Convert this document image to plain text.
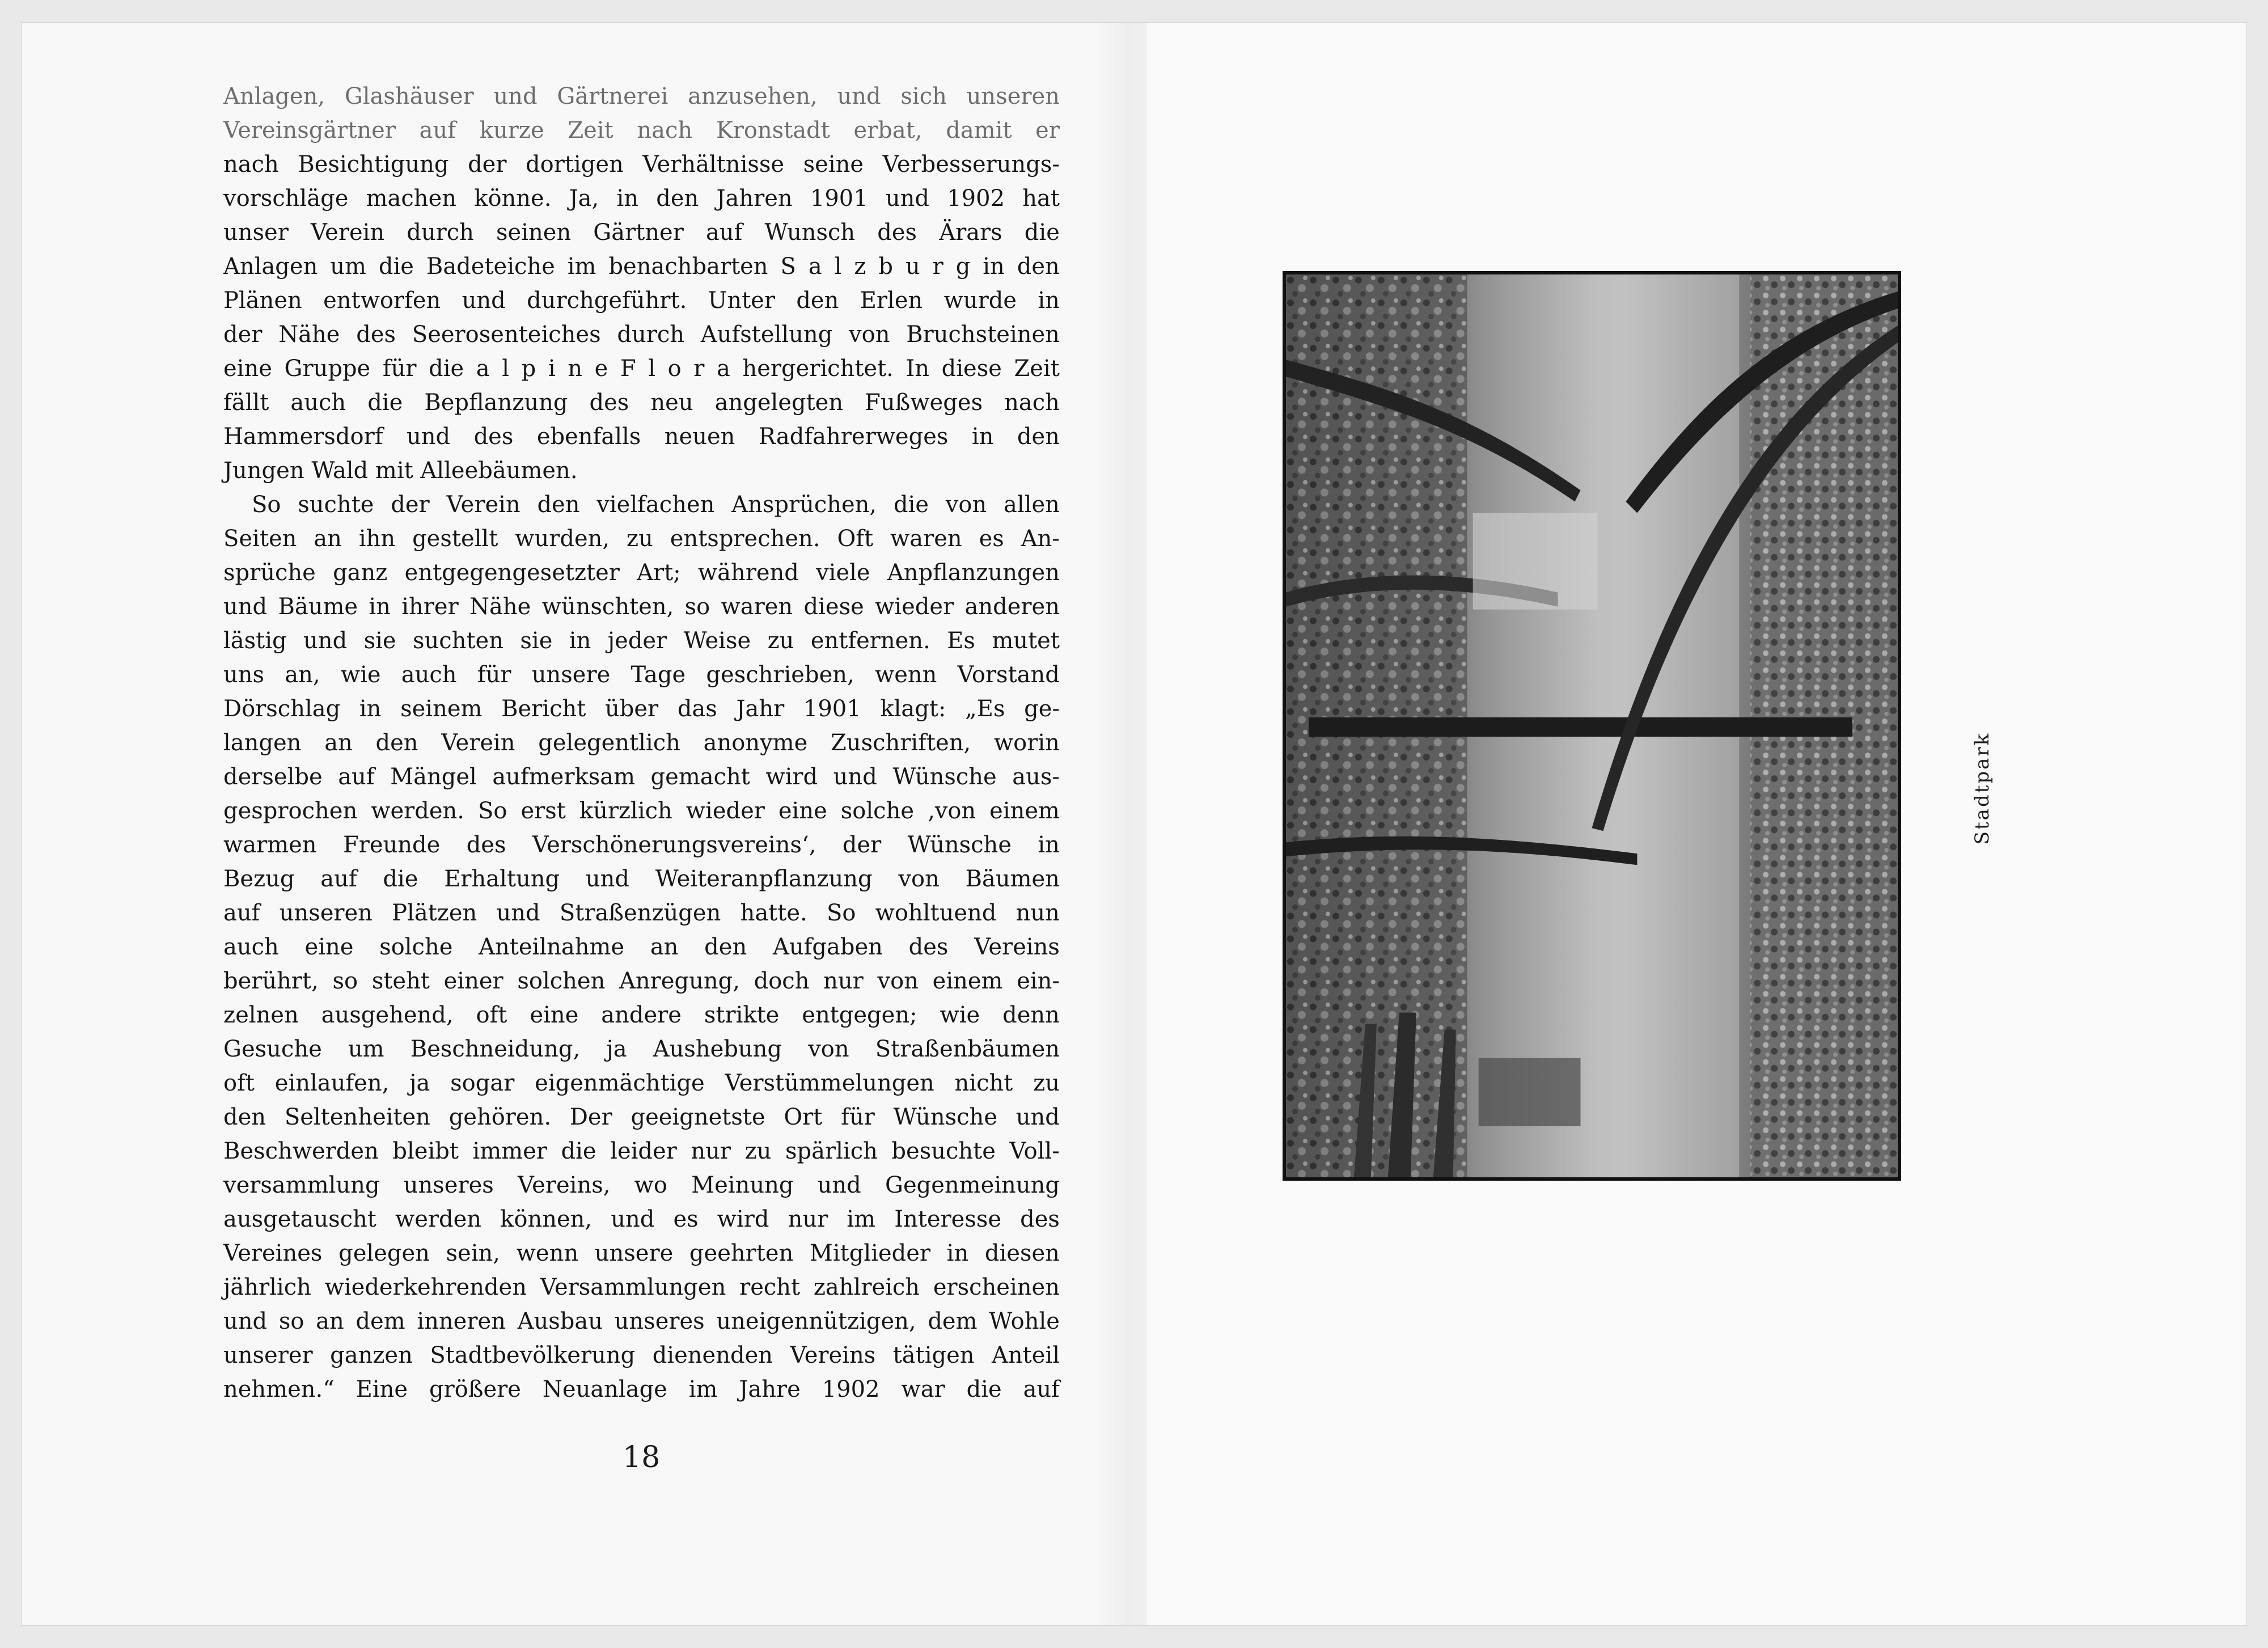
Anlagen, Glashäuser und Gärtnerei anzusehen, und sich unseren
Vereinsgärtner auf kurze Zeit nach Kronstadt erbat, damit er
nach Besichtigung der dortigen Verhältnisse seine Verbesserungs-
vorschläge machen könne. Ja, in den Jahren 1901 und 1902 hat
unser Verein durch seinen Gärtner auf Wunsch des Ärars die
Anlagen um die Badeteiche im benachbarten S a l z b u r g in den
Plänen entworfen und durchgeführt. Unter den Erlen wurde in
der Nähe des Seerosenteiches durch Aufstellung von Bruchsteinen
eine Gruppe für die a l p i n e F l o r a hergerichtet. In diese Zeit
fällt auch die Bepflanzung des neu angelegten Fußweges nach
Hammersdorf und des ebenfalls neuen Radfahrerweges in den
Jungen Wald mit Alleebäumen.
So suchte der Verein den vielfachen Ansprüchen, die von allen
Seiten an ihn gestellt wurden, zu entsprechen. Oft waren es An-
sprüche ganz entgegengesetzter Art; während viele Anpflanzungen
und Bäume in ihrer Nähe wünschten, so waren diese wieder anderen
lästig und sie suchten sie in jeder Weise zu entfernen. Es mutet
uns an, wie auch für unsere Tage geschrieben, wenn Vorstand
Dörschlag in seinem Bericht über das Jahr 1901 klagt: „Es ge-
langen an den Verein gelegentlich anonyme Zuschriften, worin
derselbe auf Mängel aufmerksam gemacht wird und Wünsche aus-
gesprochen werden. So erst kürzlich wieder eine solche ‚von einem
warmen Freunde des Verschönerungsvereins‘, der Wünsche in
Bezug auf die Erhaltung und Weiteranpflanzung von Bäumen
auf unseren Plätzen und Straßenzügen hatte. So wohltuend nun
auch eine solche Anteilnahme an den Aufgaben des Vereins
berührt, so steht einer solchen Anregung, doch nur von einem ein-
zelnen ausgehend, oft eine andere strikte entgegen; wie denn
Gesuche um Beschneidung, ja Aushebung von Straßenbäumen
oft einlaufen, ja sogar eigenmächtige Verstümmelungen nicht zu
den Seltenheiten gehören. Der geeignetste Ort für Wünsche und
Beschwerden bleibt immer die leider nur zu spärlich besuchte Voll-
versammlung unseres Vereins, wo Meinung und Gegenmeinung
ausgetauscht werden können, und es wird nur im Interesse des
Vereines gelegen sein, wenn unsere geehrten Mitglieder in diesen
jährlich wiederkehrenden Versammlungen recht zahlreich erscheinen
und so an dem inneren Ausbau unseres uneigennützigen, dem Wohle
unserer ganzen Stadtbevölkerung dienenden Vereins tätigen Anteil
nehmen.“ Eine größere Neuanlage im Jahre 1902 war die auf
18
Stadtpark
